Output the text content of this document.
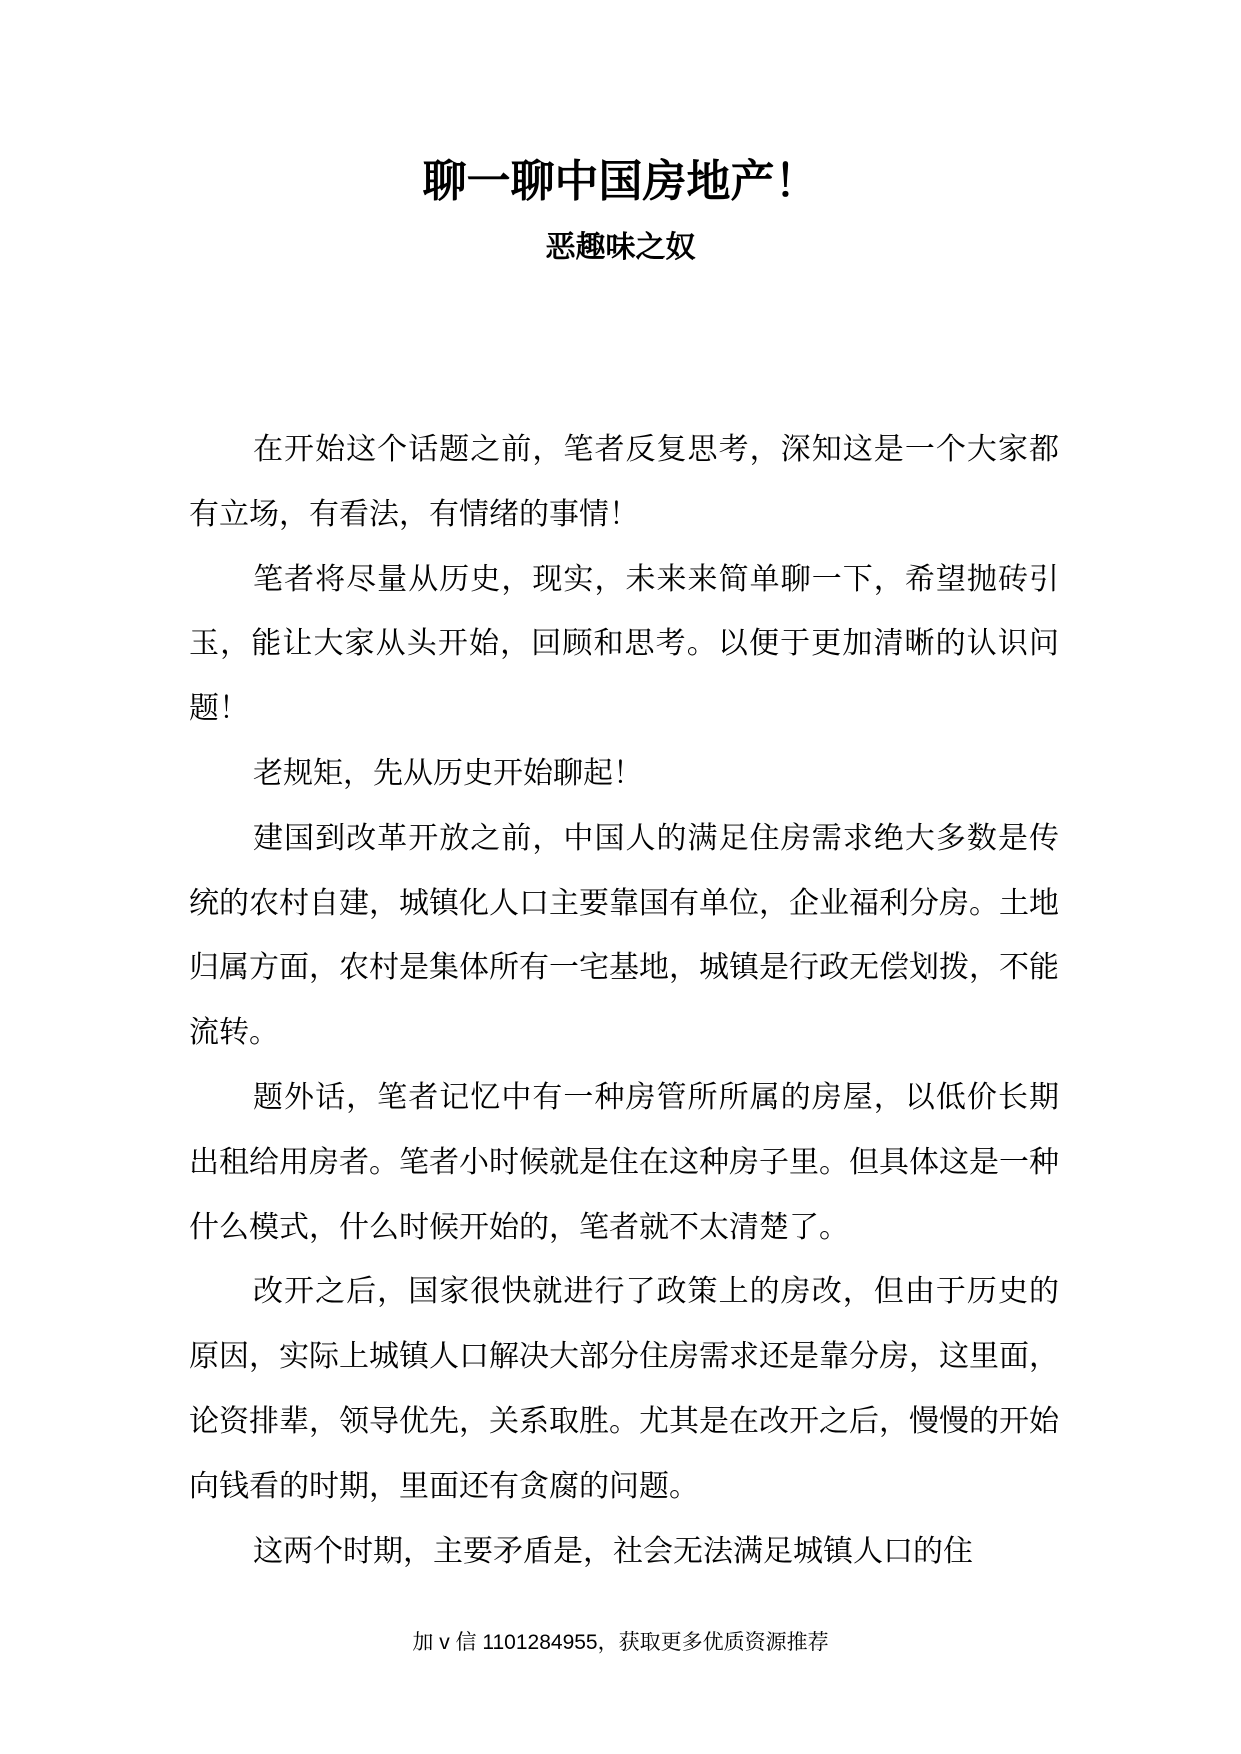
聊一聊中国房地产！
恶趣味之奴

在开始这个话题之前，笔者反复思考，深知这是一个大家都有立场，有看法，有情绪的事情！

笔者将尽量从历史，现实，未来来简单聊一下，希望抛砖引玉，能让大家从头开始，回顾和思考。以便于更加清晰的认识问题！

老规矩，先从历史开始聊起！

建国到改革开放之前，中国人的满足住房需求绝大多数是传统的农村自建，城镇化人口主要靠国有单位，企业福利分房。土地归属方面，农村是集体所有一宅基地，城镇是行政无偿划拨，不能流转。

题外话，笔者记忆中有一种房管所所属的房屋，以低价长期出租给用房者。笔者小时候就是住在这种房子里。但具体这是一种什么模式，什么时候开始的，笔者就不太清楚了。

改开之后，国家很快就进行了政策上的房改，但由于历史的原因，实际上城镇人口解决大部分住房需求还是靠分房，这里面，论资排辈，领导优先，关系取胜。尤其是在改开之后，慢慢的开始向钱看的时期，里面还有贪腐的问题。

这两个时期，主要矛盾是，社会无法满足城镇人口的住

加 v 信 1101284955，获取更多优质资源推荐
